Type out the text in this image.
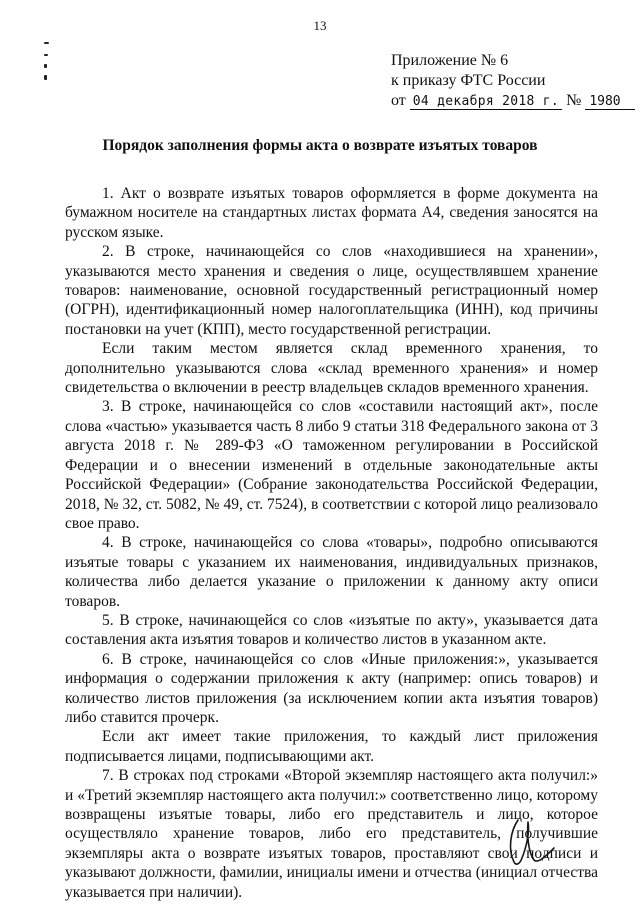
13
Приложение № 6
к приказу ФТС России
от 04 декабря 2018 г. № 1980
Порядок заполнения формы акта о возврате изъятых товаров

1. Акт о возврате изъятых товаров оформляется в форме документа на бумажном носителе на стандартных листах формата А4, сведения заносятся на русском языке.

2. В строке, начинающейся со слов «находившиеся на хранении», указываются место хранения и сведения о лице, осуществлявшем хранение товаров: наименование, основной государственный регистрационный номер (ОГРН), идентификационный номер налогоплательщика (ИНН), код причины постановки на учет (КПП), место государственной регистрации.

Если таким местом является склад временного хранения, то дополнительно указываются слова «склад временного хранения» и номер свидетельства о включении в реестр владельцев складов временного хранения.

3. В строке, начинающейся со слов «составили настоящий акт», после слова «частью» указывается часть 8 либо 9 статьи 318 Федерального закона от 3 августа 2018 г. № 289-ФЗ «О таможенном регулировании в Российской Федерации и о внесении изменений в отдельные законодательные акты Российской Федерации» (Собрание законодательства Российской Федерации, 2018, № 32, ст. 5082, № 49, ст. 7524), в соответствии с которой лицо реализовало свое право.

4. В строке, начинающейся со слова «товары», подробно описываются изъятые товары с указанием их наименования, индивидуальных признаков, количества либо делается указание о приложении к данному акту описи товаров.

5. В строке, начинающейся со слов «изъятые по акту», указывается дата составления акта изъятия товаров и количество листов в указанном акте.

6. В строке, начинающейся со слов «Иные приложения:», указывается информация о содержании приложения к акту (например: опись товаров) и количество листов приложения (за исключением копии акта изъятия товаров) либо ставится прочерк.

Если акт имеет такие приложения, то каждый лист приложения подписывается лицами, подписывающими акт.

7. В строках под строками «Второй экземпляр настоящего акта получил:» и «Третий экземпляр настоящего акта получил:» соответственно лицо, которому возвращены изъятые товары, либо его представитель и лицо, которое осуществляло хранение товаров, либо его представитель, получившие экземпляры акта о возврате изъятых товаров, проставляют свои подписи и указывают должности, фамилии, инициалы имени и отчества (инициал отчества указывается при наличии).
